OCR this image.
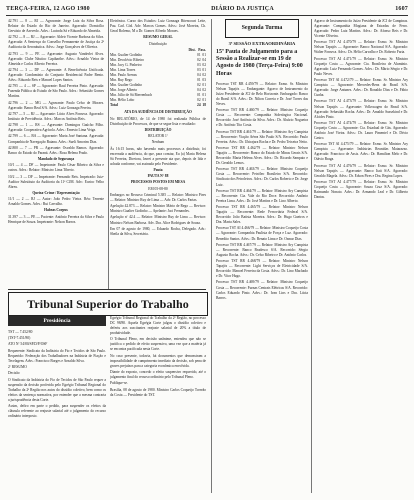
TERÇA-FEIRA, 12 AGO 1980	DIÁRIO DA JUSTIÇA	1607

42.791 — 8 — RJ — Agravante: Jorge Luiz da Silva Rosa. Relator do Estado do Rio de Janeiro. Agravado: Domicílio Gervásio de Azevedo. Advs.: Lucinda Sá e Eduardo de Almeida.

42.792 — 8 — RJ — Agravante: Aldeir Vicente Barbosa da Silva. Agravada: A Sentença do Conselho Permanente de Justiça da 2ª Auditoria da Aeronáutica. Advs.: Jorge Gonçalves de Oliveira.

42.793 — 9 — PE — Agravante: Augusto Vanderlei Alves. Agravado: Clube Náutico Capibaribe. Advs.: Arnaldo Vieira de Almeida e Carlos Alberto Ferreira.

42.794 — 3 — DF — Agravante: A Beneficência Unificada. Agravado: Condomínio do Conjunto Residencial Padre Bento. Advs.: Eduardo Reis e Manoel Lopes Santos.

42.795 — 4 — SP — Agravante: Raul Ferreira Pinto. Agravada: Fazenda Pública do Estado de São Paulo. Advs.: Sebastião Gomes Martins.

42.796 — 2 — MG — Agravante: Paulo Celso de Moraes. Agravado: Banco Real S/A. Advs.: Luiz Gonzaga Pereira.

42.797 — 5 — RJ — Agravante: Lúcio Alves Fonseca. Agravado: Instituto de Previdência. Advs.: Marcos Antônio Reis.

42.798 — 1 — RS — Agravante: Domingos Gaúcho Filho. Agravada: Cooperativa Agrícola. Advs.: Ernesto Lima Veiga.

42.799 — 6 — BA — Agravante: Maria José Santana. Agravada: Companhia de Navegação Baiana. Advs.: Sueli Amorim Dias.

42.800 — 7 — PR — Agravante: Osvaldo Ramos. Agravado: Banco do Estado do Paraná. Advs.: Rosa Helena Prado.

Mandado de Segurança

10/1 — 4 — DF — Impetrante: Paulo César Ribeiro da Silva e outros. Advs.: Relator: Ministro Lima Tiberio.

10/2 — 3 — DF — Impetrante: Fernando Reis. Impetrado: Juiz-Auditor Substituto da Auditoria da 11ª CJM. Adv.: Eurico Velho Abreu.

Queixa-Crime / Representação

11/1 — 2 — RJ — Autor: João Pedro Vieira. Réu: Tenente Arnaldo Gomes. Advs.: Rui Carvalho.

Habeas Corpus

31.397 — 3 — PE — Paciente: Antônio Ferreira da Silva e Paulo Henrique de Souza. Impetrante: Nelson Barros.

Eletrônica. Curso dos Estados: Luiz Gonzaga Bitencourt Leite, Pau. Cad. Cód. Adv. Marcos Gomes. Advs.: José Moreira, Ch. Geral Rolemo, M a Dr. Gomes Alfredo Moraes.

RESUMO GERAL

Distribuição

Dist. Pass.
Min. Gualter Godinho	01 01
Min. Deoclécio Ribeiro	02 04
Min. Jacy G. Pinheiro	03 02
Min. Lima Torres	03 01
Min. Paulo Arenas	04 02
Min. Ruy Rego	01 03
Min. Gualter Godinho	02 01
Min. Jorge Alberto	04 02
Min. Júlio de Sá Bierrenbach	01 01
Min. Hélio Lobo	02 01
Total	24 18

ATA DA AUDIÊNCIA DE DISTRIBUIÇÃO

No RELATÓRIO, de 14 de 1980 foi realizada Pública de Distribuição de Processos, de que se segue lista e resultado:

DISTRIBUIÇÃO

RELATOR 1º

Nenhum

Às 16:15 horas, não havendo mais processos a distribuir, foi encerrada a audiência, do que, para constar, Eu (a) Maria Helena Sá Ferreira, Diretora, lavrei a presente ata que, depois de lida e achada conforme, vai assinada pelo Presidente.

Pauta

PAUTA Nº 88

PROCESSOS POSTOS EM MESA

EM 05-08-80

Embargos no Recurso Criminal 5.385 — Relator: Ministro Pires — Relator: Ministro Ruy de Lima — Adv. Dr. Carlos Farias.

Apelação 42.873 — Relator: Ministro Mário de Rego — Revisor: Ministro Gualter Godinho — Apelante: Jaci Fernandes.

Apelação nº 42.4 — Relator: Ministro Ruy de Lima — Revisor: Ministro Nelson Barbosa. Adv. Dra. Alice Rodrigues de Souza.

Em 07 de agosto de 1980, — Eduardo Rocha, Delegado. Adv.: Sheila da Silva, Secretária.

Tribunal Superior do Trabalho
Presidência

TST — 7.452/80

(TST-7.451/80)

ATO Nº 54/80/SP.D/P/OSF

Requerente: Sindicato da Indústria do Fio e Tecidos de São Paulo. Requerido: Federação dos Trabalhadores na Indústria de Fiação e Tecelagem. Advs.: Francisco Borges e Arnaldo Silva.

2º RESUMO

Decisão

O Sindicato da Indústria do Fio de Tecidos de São Paulo requer a suspensão da decisão proferida pelo Egrégio Tribunal Regional do Trabalho da 2ª Região nos autos do dissídio coletivo, bem como os efeitos da sentença normativa, por entender que a mesma contraria a jurisprudência desta Corte.

Assim, defiro em parte o pedido, para suspender os efeitos da cláusula referente ao reajuste salarial até o julgamento do recurso ordinário interposto.

Egrégio Tribunal Regional do Trabalho da 2ª Região, no processo DC 98/80. Aquela Egrégia Corte julgou o dissídio coletivo e deferiu aos suscitantes reajuste salarial de 20% a título de produtividade.

O Tribunal Pleno, em decisão unânime, entendeu que não se justifica o pedido de efeito suspensivo, uma vez que a matéria já se encontra pacificada nesta Corte.

No caso presente, todavia, há documentos que demonstram a impossibilidade de cumprimento imediato da decisão, sob pena de graves prejuízos para a categoria econômica envolvida.

Diante do exposto, concedo o efeito suspensivo requerido, até o julgamento final do recurso ordinário pelo Tribunal Pleno.

Publique-se.

Brasília, 08 de agosto de 1980. Ministro Carlos Coqueijo Torreão da Costa — Presidente do TST.

Segunda Turma
3ª SESSÃO EXTRAORDINÁRIA
15ª Pauta de Julgamento para a Sessão a Realizar-se em 19 de Agosto de 1980 (Terça-Feira) 9:00 Horas

Processo TST RR 4.459/79 — Relator: Exmo. Sr. Ministro Nelson Tapajós — Embargante: Agravo de Instrumento do Juízo Presidente da JCJ de Belo Horizonte. Embargado: Banco do Brasil S/A. Advs.: Dr. Nilton Correia e Dr. José Torres das Neves.

Processo TST RR 4.460/79 — Relator: Ministro Coqueijo Costa — Recorrente: Companhia Siderúrgica Nacional. Recorrido: José Antônio da Silva. Advs.: Dr. Aluízio Nogueira e Dr. Antônio Tito Costa.

Processo TST RR 4.461/79 — Relator: Ministro Ary Campista — Recorrente: Viação Aérea São Paulo S/A. Recorrido: Paulo Ferreira. Advs.: Dr. Ubirajara Rocha e Dr. Pedro Teixeira Netto.

Processo TST RR 4.462/79 — Relator: Ministro Nelson Tapajós — Recorrente: Banco do Estado de Minas Gerais S/A. Recorrido: Maria Helena Alves. Advs.: Dr. Ricardo Sampaio e Dr. Geraldo Lemos.

Processo TST RR 4.463/79 — Relator: Ministro Coqueijo Costa — Recorrente: Petróleo Brasileiro S/A. Recorrido: Sindicato dos Petroleiros. Advs.: Dr. Carlos Roberto e Dr. Jorge Luiz.

Processo TST RR 4.464/79 — Relator: Ministro Ary Campista — Recorrente: Cia. Vale do Rio Doce. Recorrido: Antônio Pereira Lima. Advs.: Dr. José Martins e Dr. Lino Alberto.

Processo TST RR 4.465/79 — Relator: Ministro Nelson Tapajós — Recorrente: Rede Ferroviária Federal S/A. Recorrido: João Batista Moreira. Advs.: Dr. Hugo Gueiros e Dra. Marta Sales.

Processo TST AI 4.466/79 — Relator: Ministro Coqueijo Costa — Agravante: Companhia Paulista de Força e Luz. Agravado: Benedito Santos. Advs.: Dr. Renato Lima e Dr. Osmar Dias.

Processo TST RR 4.467/79 — Relator: Ministro Ary Campista — Recorrente: Banco Bradesco S/A. Recorrido: Sérgio Augusto Rocha. Advs.: Dr. Celso Ribeiro e Dr. Antônio Carlos.

Processo TST RR 4.468/79 — Relator: Ministro Nelson Tapajós — Recorrente: Light Serviços de Eletricidade S/A. Recorrido: Manoel Ferreira da Costa. Advs.: Dr. Lino Machado e Dr. Vitor Hugo.

Processo TST RR 4.469/79 — Relator: Ministro Coqueijo Costa — Recorrente: Furnas Centrais Elétricas S/A. Recorrido: Carlos Eduardo Pinto. Advs.: Dr. Ivan Lins e Dra. Lúcia Barros.

Agravo de Instrumento do Juízo Presidente da JCJ de Campinas. Agravante: Companhia Mogiana de Estradas de Ferro. Agravado: Pedro Luiz Martins. Advs.: Dr. Afonso Reis e Dr. Vicente Oliveira.

Processo TST AI 4.470/79 — Relator: Exmo. Sr. Ministro Nelson Tapajós — Agravante: Banco Nacional S/A. Agravado: Walter Fonseca. Advs.: Dr. Hélio Carvalho e Dr. Roberto Faria.

Processo TST AI 4.471/79 — Relator: Exmo. Sr. Ministro Coqueijo Costa — Agravante: Cia. Brasileira de Alumínio. Agravado: Luiz Fernando Gomes. Advs.: Dr. Mário Sérgio e Dr. Paulo Neves.

Processo TST AI 4.472/79 — Relator: Exmo. Sr. Ministro Ary Campista — Agravante: Mercedes-Benz do Brasil S/A. Agravado: Jorge Antunes. Advs.: Dr. Ronaldo Dias e Dr. Fábio Cunha.

Processo TST AI 4.473/79 — Relator: Exmo. Sr. Ministro Nelson Tapajós — Agravante: Volkswagen do Brasil S/A. Agravado: Sebastião Rocha. Advs.: Dr. Arnaldo Sussekind e Dr. Alcides Pinto.

Processo TST AI 4.474/79 — Relator: Exmo. Sr. Ministro Coqueijo Costa — Agravante: Cia. Estadual de Gás. Agravado: Antônio José Vieira. Advs.: Dr. Lauro Pimentel e Dr. Décio Castro.

Processo TST AI 4.475/79 — Relator: Exmo. Sr. Ministro Ary Campista — Agravante: Indústrias Reunidas Matarazzo. Agravado: Francisco de Assis. Advs.: Dr. Hamilton Melo e Dr. Otávio Braga.

Processo TST AI 4.476/79 — Relator: Exmo. Sr. Ministro Nelson Tapajós — Agravante: Banco Itaú S/A. Agravado: Geraldo Magela. Advs.: Dr. Edson Pires e Dra. Regina Lopes.

Processo TST AI 4.477/79 — Relator: Exmo. Sr. Ministro Coqueijo Costa — Agravante: Souza Cruz S/A. Agravado: Raimundo Nonato. Advs.: Dr. Armando Leal e Dr. Gilberto Dantas.
